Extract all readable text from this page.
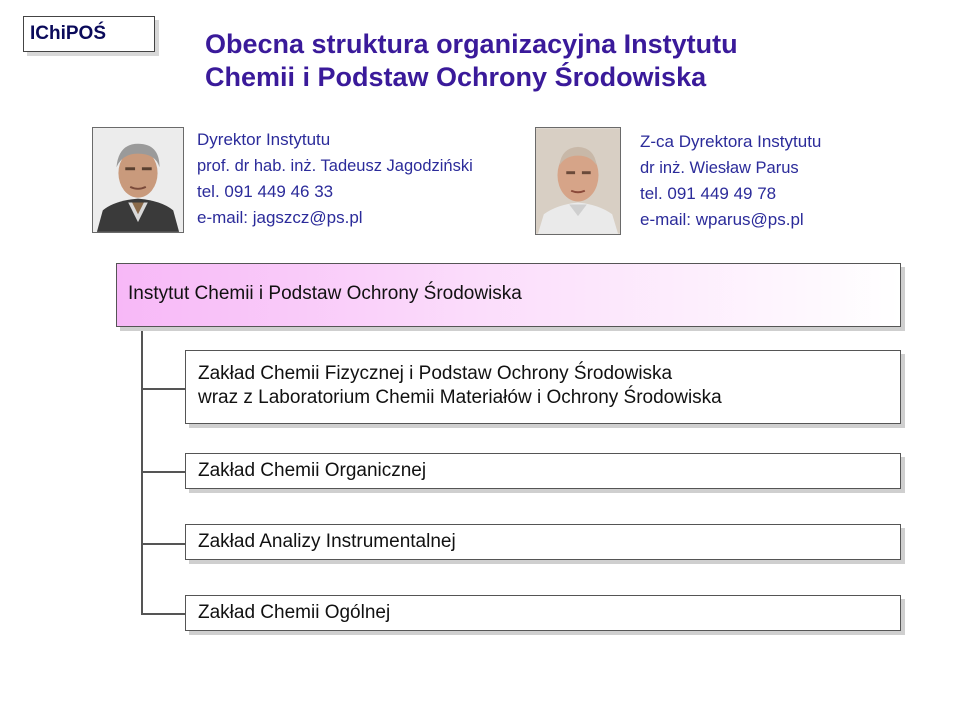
IChiPOŚ	Obecna struktura organizacyjna Instytutu
Chemii i Podstaw Ochrony Środowiska
Dyrektor Instytutu
prof. dr hab. inż. Tadeusz Jagodziński
tel. 091 449 46 33
e-mail: jagszcz@ps.pl
Z-ca Dyrektora Instytutu
dr inż. Wiesław Parus
tel. 091 449 49 78
e-mail: wparus@ps.pl
Instytut Chemii i Podstaw Ochrony Środowiska
Zakład Chemii Fizycznej i Podstaw Ochrony Środowiska
wraz z Laboratorium Chemii Materiałów i Ochrony Środowiska
Zakład Chemii Organicznej
Zakład Analizy Instrumentalnej
Zakład Chemii Ogólnej
